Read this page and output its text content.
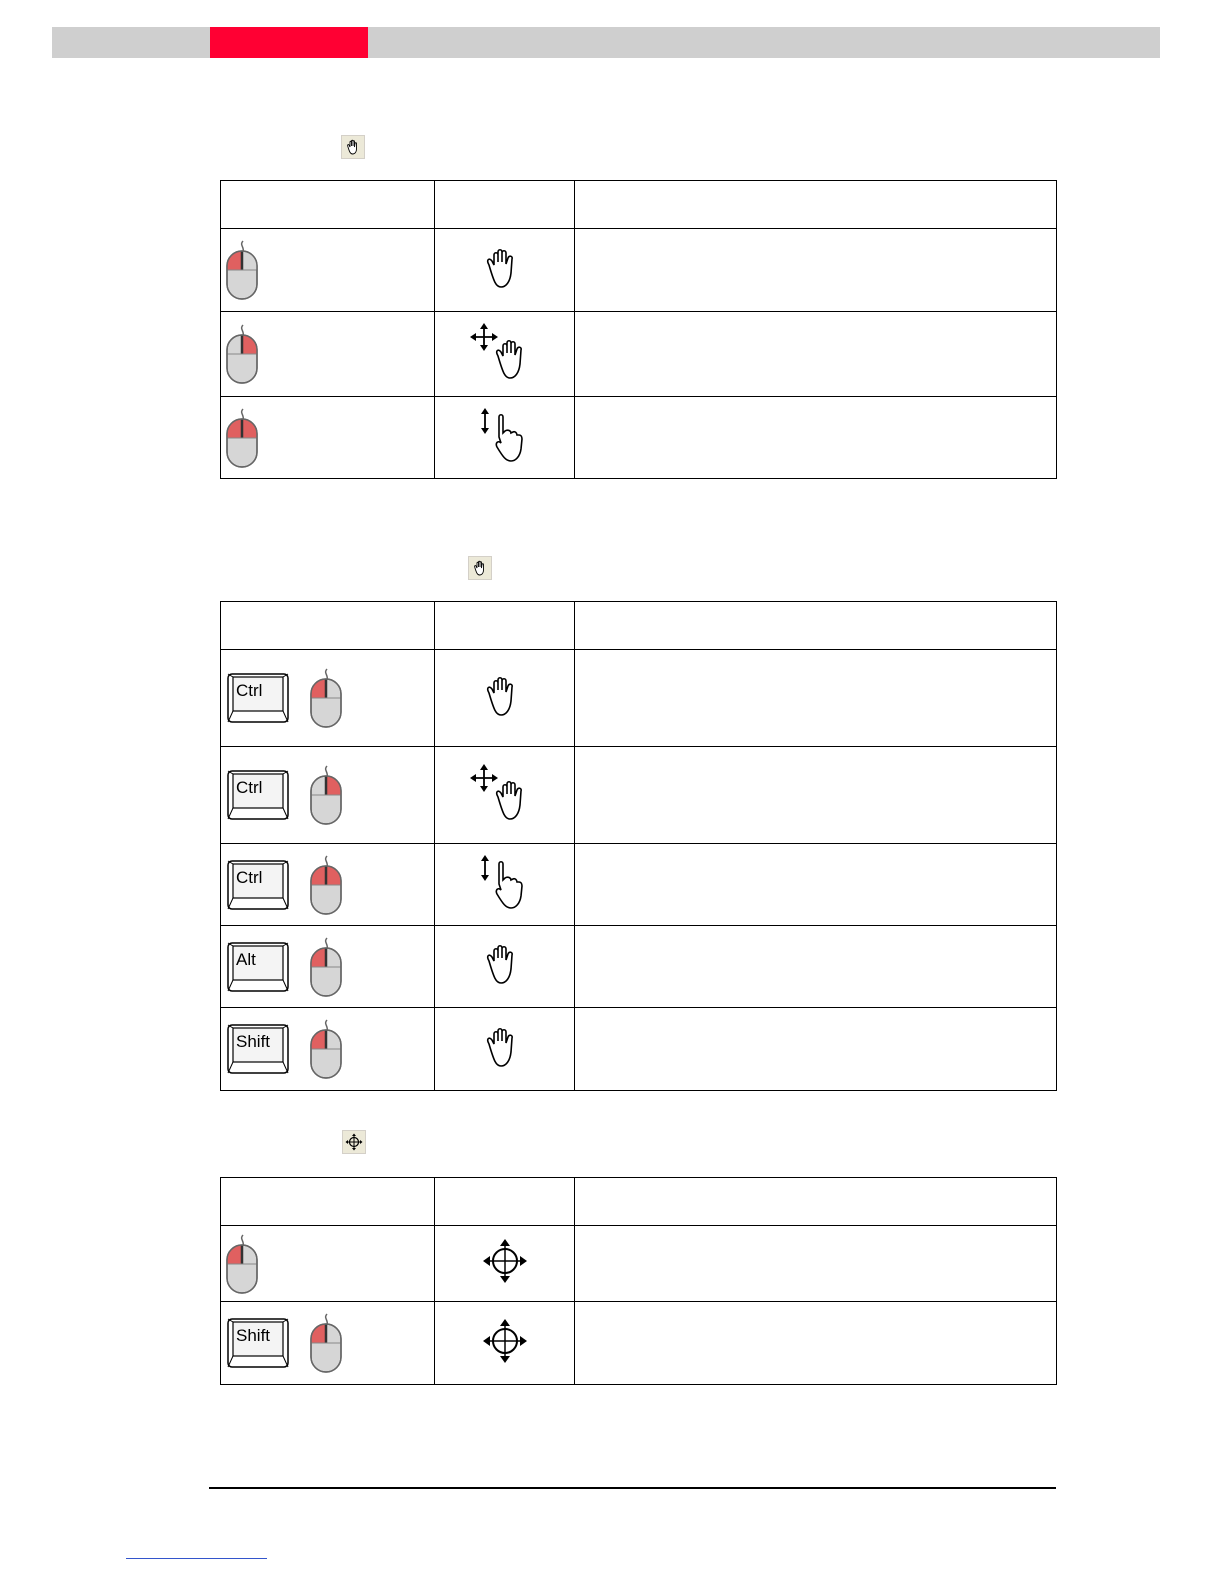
Ctrl

Ctrl

Ctrl

Alt

Shift

Shift
